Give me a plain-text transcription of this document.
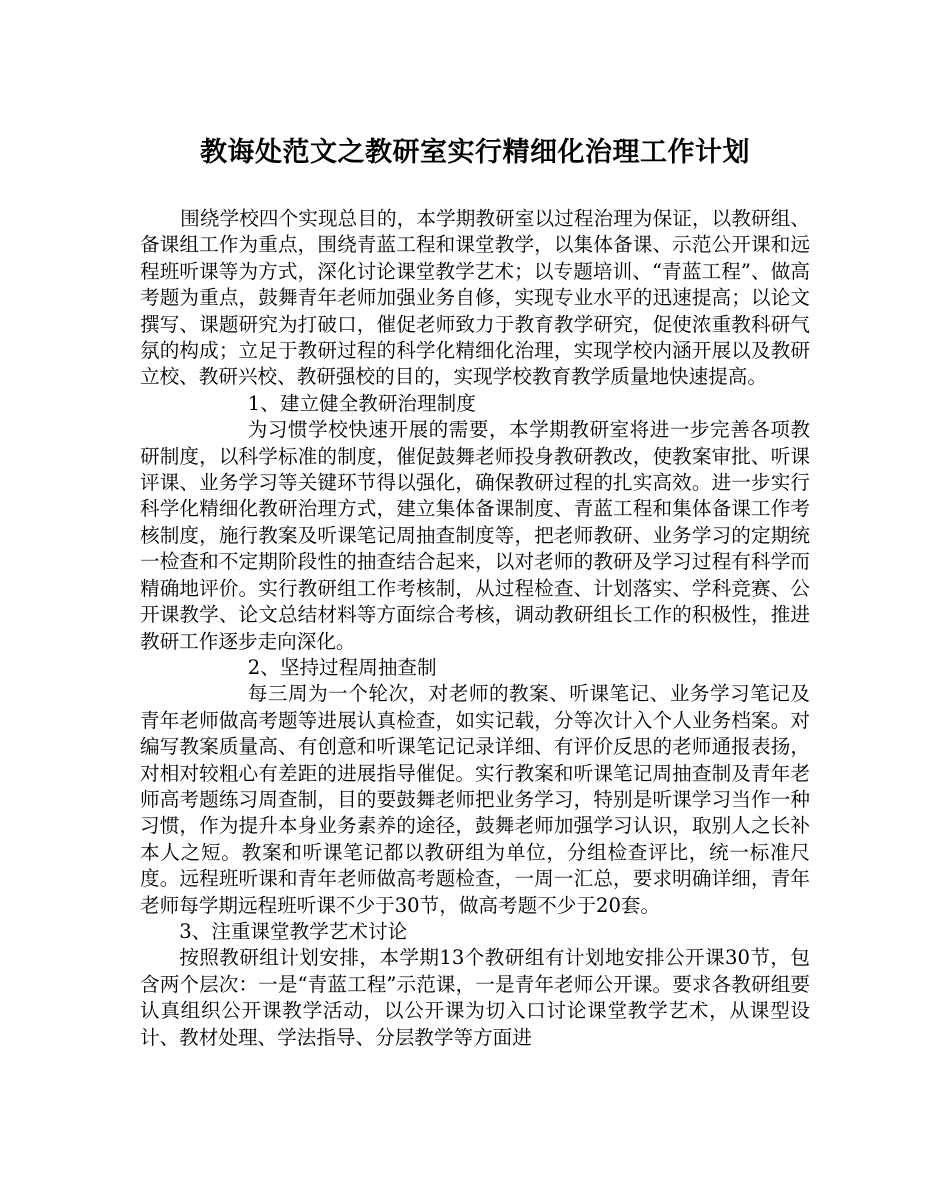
教诲处范文之教研室实行精细化治理工作计划

围绕学校四个实现总目的，本学期教研室以过程治理为保证，以教研组、备课组工作为重点，围绕青蓝工程和课堂教学，以集体备课、示范公开课和远程班听课等为方式，深化讨论课堂教学艺术；以专题培训、“青蓝工程”、做高考题为重点，鼓舞青年老师加强业务自修，实现专业水平的迅速提高；以论文撰写、课题研究为打破口，催促老师致力于教育教学研究，促使浓重教科研气氛的构成；立足于教研过程的科学化精细化治理，实现学校内涵开展以及教研立校、教研兴校、教研强校的目的，实现学校教育教学质量地快速提高。

1、建立健全教研治理制度

为习惯学校快速开展的需要，本学期教研室将进一步完善各项教研制度，以科学标准的制度，催促鼓舞老师投身教研教改，使教案审批、听课评课、业务学习等关键环节得以强化，确保教研过程的扎实高效。进一步实行科学化精细化教研治理方式，建立集体备课制度、青蓝工程和集体备课工作考核制度，施行教案及听课笔记周抽查制度等，把老师教研、业务学习的定期统一检查和不定期阶段性的抽查结合起来，以对老师的教研及学习过程有科学而精确地评价。实行教研组工作考核制，从过程检查、计划落实、学科竞赛、公开课教学、论文总结材料等方面综合考核，调动教研组长工作的积极性，推进教研工作逐步走向深化。

2、坚持过程周抽查制

每三周为一个轮次，对老师的教案、听课笔记、业务学习笔记及青年老师做高考题等进展认真检查，如实记载，分等次计入个人业务档案。对编写教案质量高、有创意和听课笔记记录详细、有评价反思的老师通报表扬，对相对较粗心有差距的进展指导催促。实行教案和听课笔记周抽查制及青年老师高考题练习周查制，目的要鼓舞老师把业务学习，特别是听课学习当作一种习惯，作为提升本身业务素养的途径，鼓舞老师加强学习认识，取别人之长补本人之短。教案和听课笔记都以教研组为单位，分组检查评比，统一标准尺度。远程班听课和青年老师做高考题检查，一周一汇总，要求明确详细，青年老师每学期远程班听课不少于30节，做高考题不少于20套。

3、注重课堂教学艺术讨论

按照教研组计划安排，本学期13个教研组有计划地安排公开课30节，包含两个层次：一是“青蓝工程”示范课，一是青年老师公开课。要求各教研组要认真组织公开课教学活动，以公开课为切入口讨论课堂教学艺术，从课型设计、教材处理、学法指导、分层教学等方面进
